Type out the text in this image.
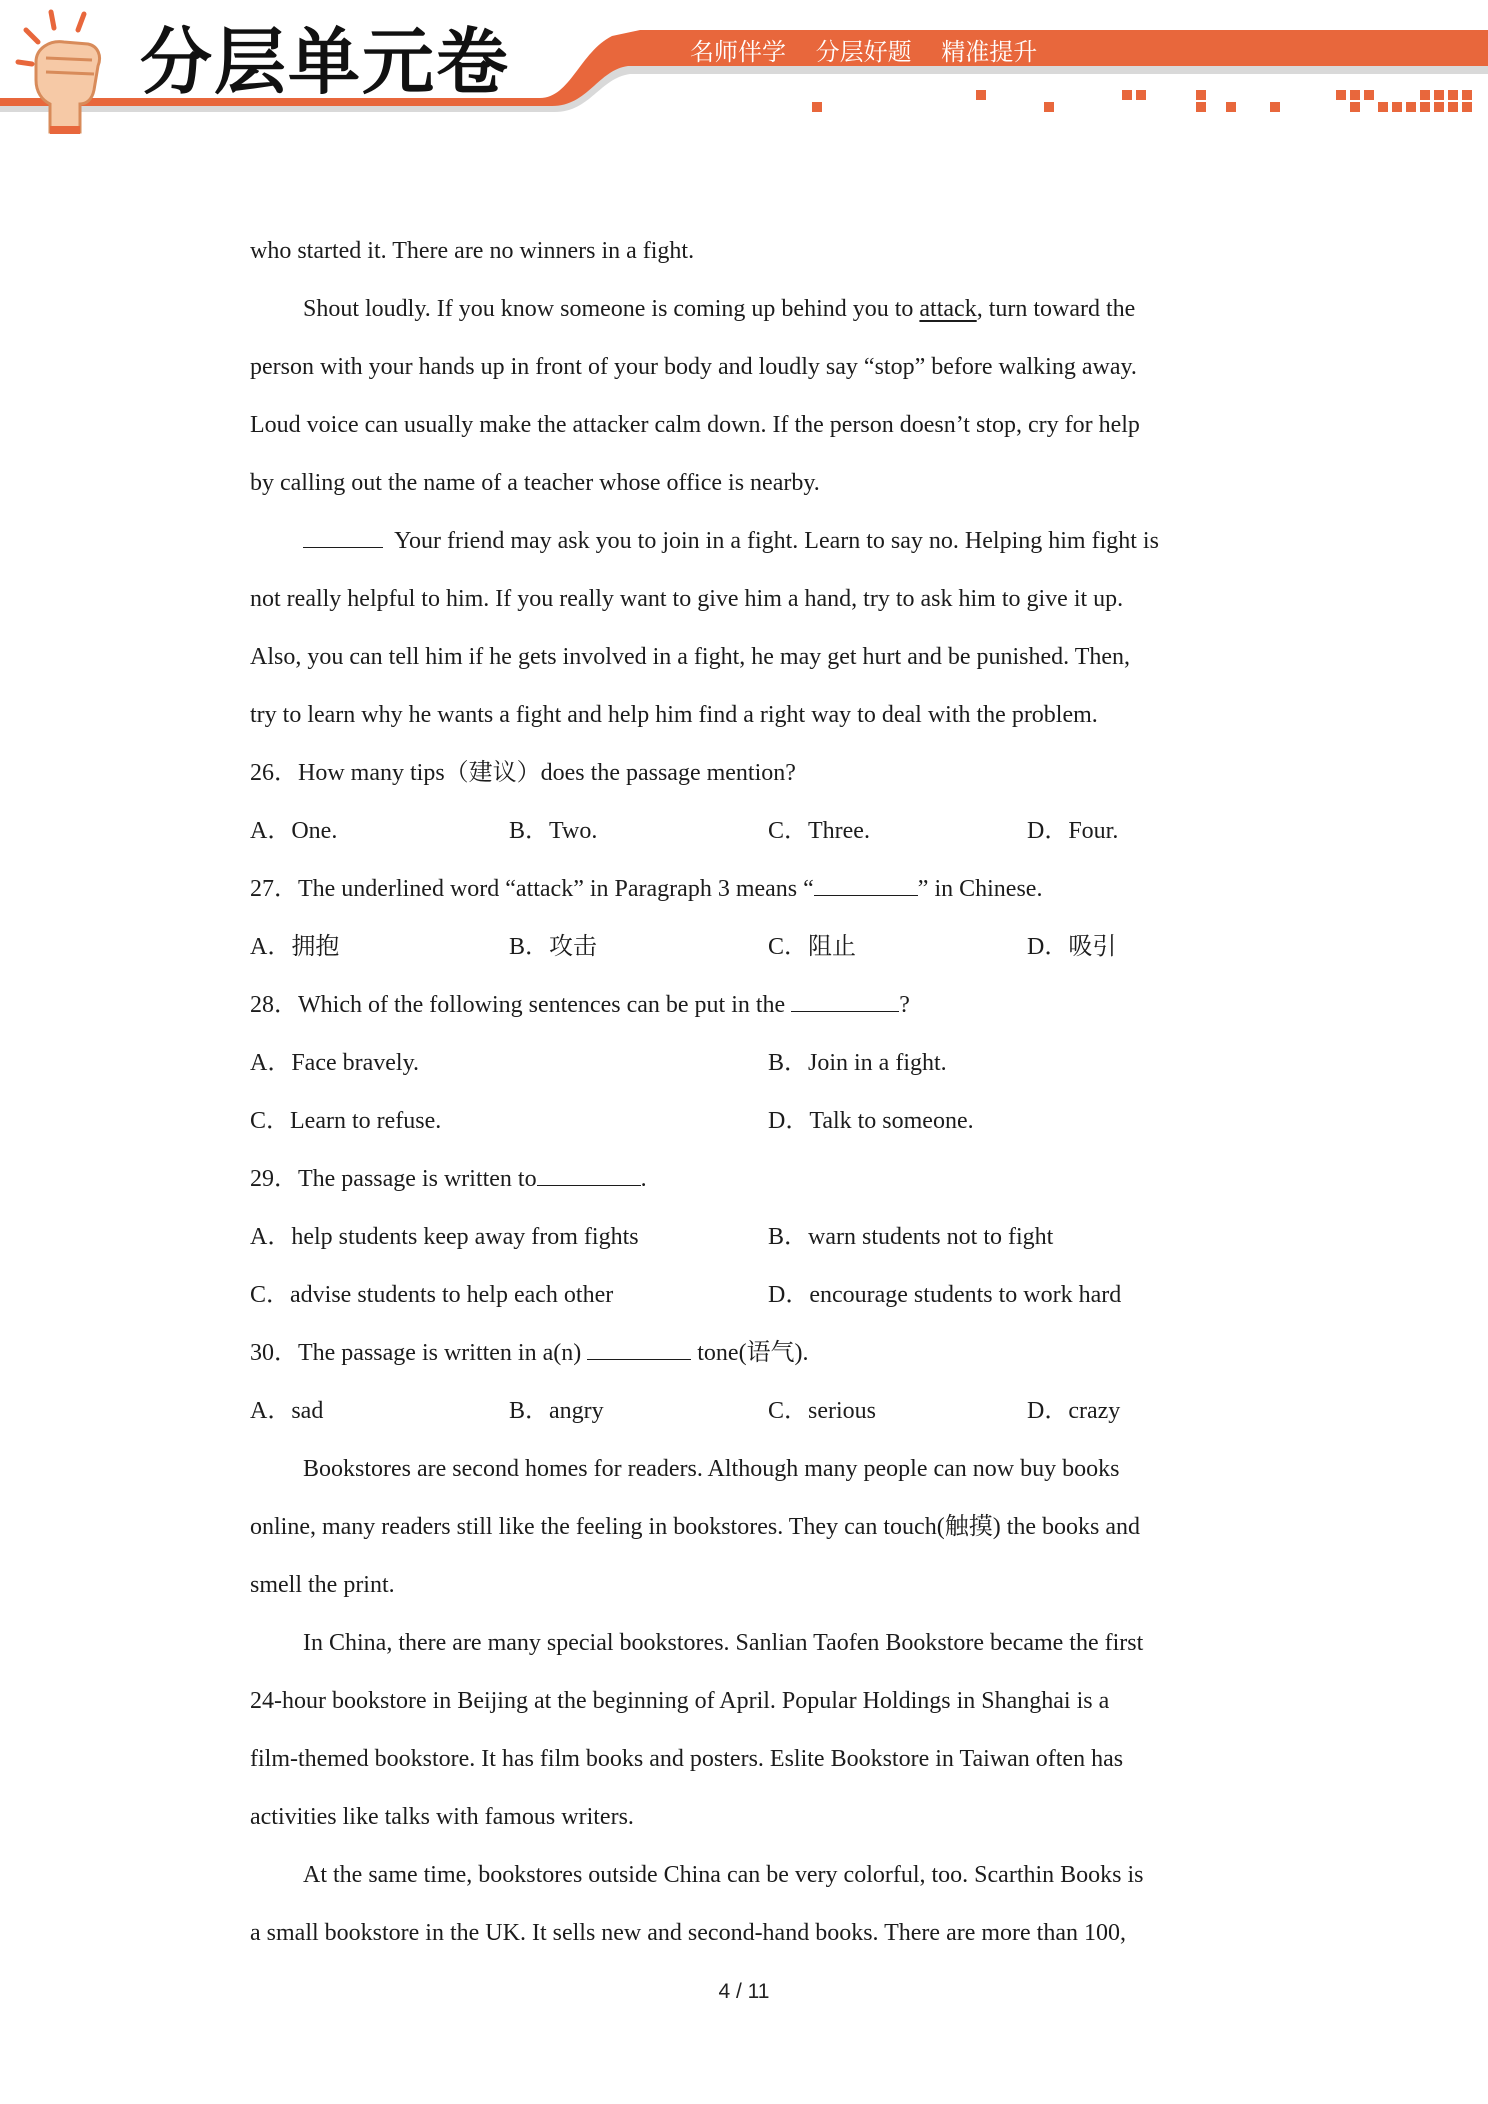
分层单元卷	名师伴学 分层好题 精准提升
who started it. There are no winners in a fight.
Shout loudly. If you know someone is coming up behind you to attack, turn toward the
person with your hands up in front of your body and loudly say “stop” before walking away.
Loud voice can usually make the attacker calm down. If the person doesn’t stop, cry for help
by calling out the name of a teacher whose office is nearby.
Your friend may ask you to join in a fight. Learn to say no. Helping him fight is
not really helpful to him. If you really want to give him a hand, try to ask him to give it up.
Also, you can tell him if he gets involved in a fight, he may get hurt and be punished. Then,
try to learn why he wants a fight and help him find a right way to deal with the problem.
26．How many tips（建议）does the passage mention?
A．One.	B．Two.	C．Three.	D．Four.
27．The underlined word “attack” in Paragraph 3 means “	” in Chinese.
A．拥抱	B．攻击	C．阻止	D．吸引
28．Which of the following sentences can be put in the	?
A．Face bravely.	B．Join in a fight.
C．Learn to refuse.	D．Talk to someone.
29．The passage is written to	.
A．help students keep away from fights	B．warn students not to fight
C．advise students to help each other	D．encourage students to work hard
30．The passage is written in a(n)	tone(语气).
A．sad	B．angry	C．serious	D．crazy
Bookstores are second homes for readers. Although many people can now buy books
online, many readers still like the feeling in bookstores. They can touch(触摸) the books and
smell the print.
In China, there are many special bookstores. Sanlian Taofen Bookstore became the first
24-hour bookstore in Beijing at the beginning of April. Popular Holdings in Shanghai is a
film-themed bookstore. It has film books and posters. Eslite Bookstore in Taiwan often has
activities like talks with famous writers.
At the same time, bookstores outside China can be very colorful, too. Scarthin Books is
a small bookstore in the UK. It sells new and second-hand books. There are more than 100,
4 / 11
